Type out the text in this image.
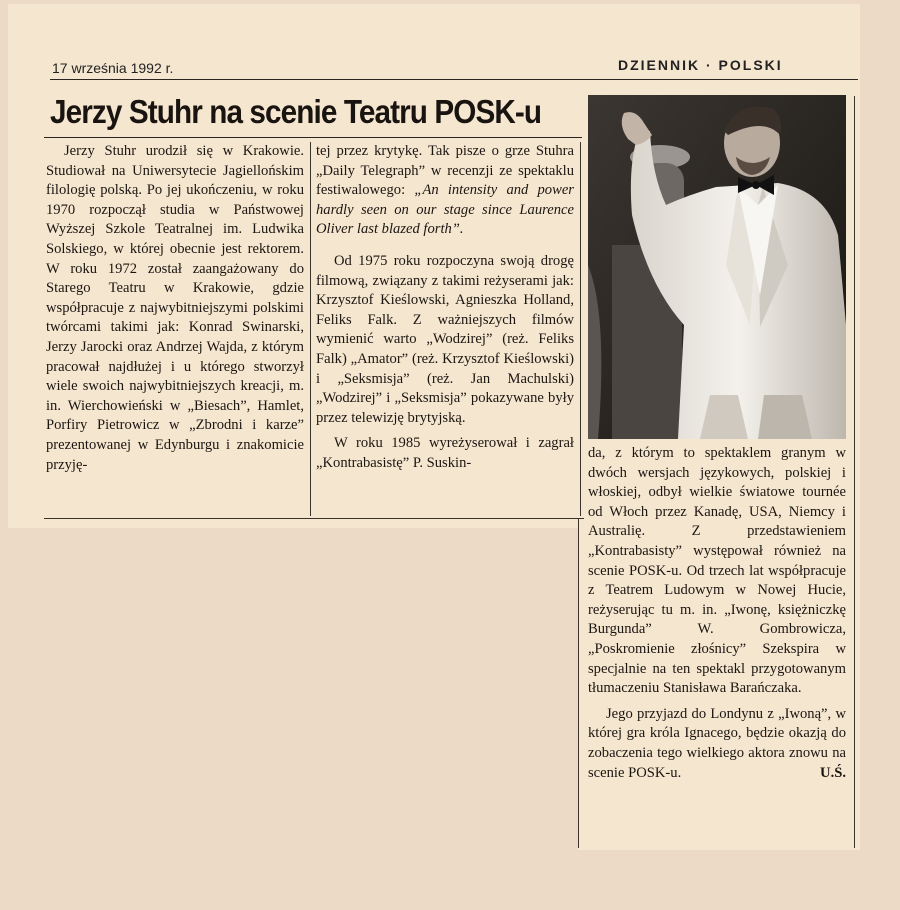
17 września 1992 r.	DZIENNIK · POLSKI
Jerzy Stuhr na scenie Teatru POSK-u

Jerzy Stuhr urodził się w Krakowie. Studiował na Uniwersytecie Jagiellońskim filologię polską. Po jej ukończeniu, w roku 1970 rozpoczął studia w Państwowej Wyższej Szkole Teatralnej im. Ludwika Solskiego, w której obecnie jest rektorem. W roku 1972 został zaangażowany do Starego Teatru w Krakowie, gdzie współpracuje z najwybitniejszymi polskimi twórcami takimi jak: Konrad Swinarski, Jerzy Jarocki oraz Andrzej Wajda, z którym pracował najdłużej i u którego stworzył wiele swoich najwybitniejszych kreacji, m. in. Wierchowieński w „Biesach”, Hamlet, Porfiry Pietrowicz w „Zbrodni i karze” prezentowanej w Edynburgu i znakomicie przyję-

tej przez krytykę. Tak pisze o grze Stuhra „Daily Telegraph” w recenzji ze spektaklu festiwalowego: „An intensity and power hardly seen on our stage since Laurence Oliver last blazed forth”.

Od 1975 roku rozpoczyna swoją drogę filmową, związany z takimi reżyserami jak: Krzysztof Kieślowski, Agnieszka Holland, Feliks Falk. Z ważniejszych filmów wymienić warto „Wodzirej” (reż. Feliks Falk) „Amator” (reż. Krzysztof Kieślowski) i „Seksmisja” (reż. Jan Machulski) „Wodzirej” i „Seksmisja” pokazywane były przez telewizję brytyjską.

W roku 1985 wyreżyserował i zagrał „Kontrabasistę” P. Suskin-

da, z którym to spektaklem granym w dwóch wersjach językowych, polskiej i włoskiej, odbył wielkie światowe tournée od Włoch przez Kanadę, USA, Niemcy i Australię. Z przedstawieniem „Kontrabasisty” występował również na scenie POSK-u. Od trzech lat współpracuje z Teatrem Ludowym w Nowej Hucie, reżyserując tu m. in. „Iwonę, księżniczkę Burgunda” W. Gombrowicza, „Poskromienie złośnicy” Szekspira w specjalnie na ten spektakl przygotowanym tłumaczeniu Stanisława Barańczaka.

Jego przyjazd do Londynu z „Iwoną”, w której gra króla Ignacego, będzie okazją do zobaczenia tego wielkiego aktora znowu na scenie POSK-u.	U.Ś.
